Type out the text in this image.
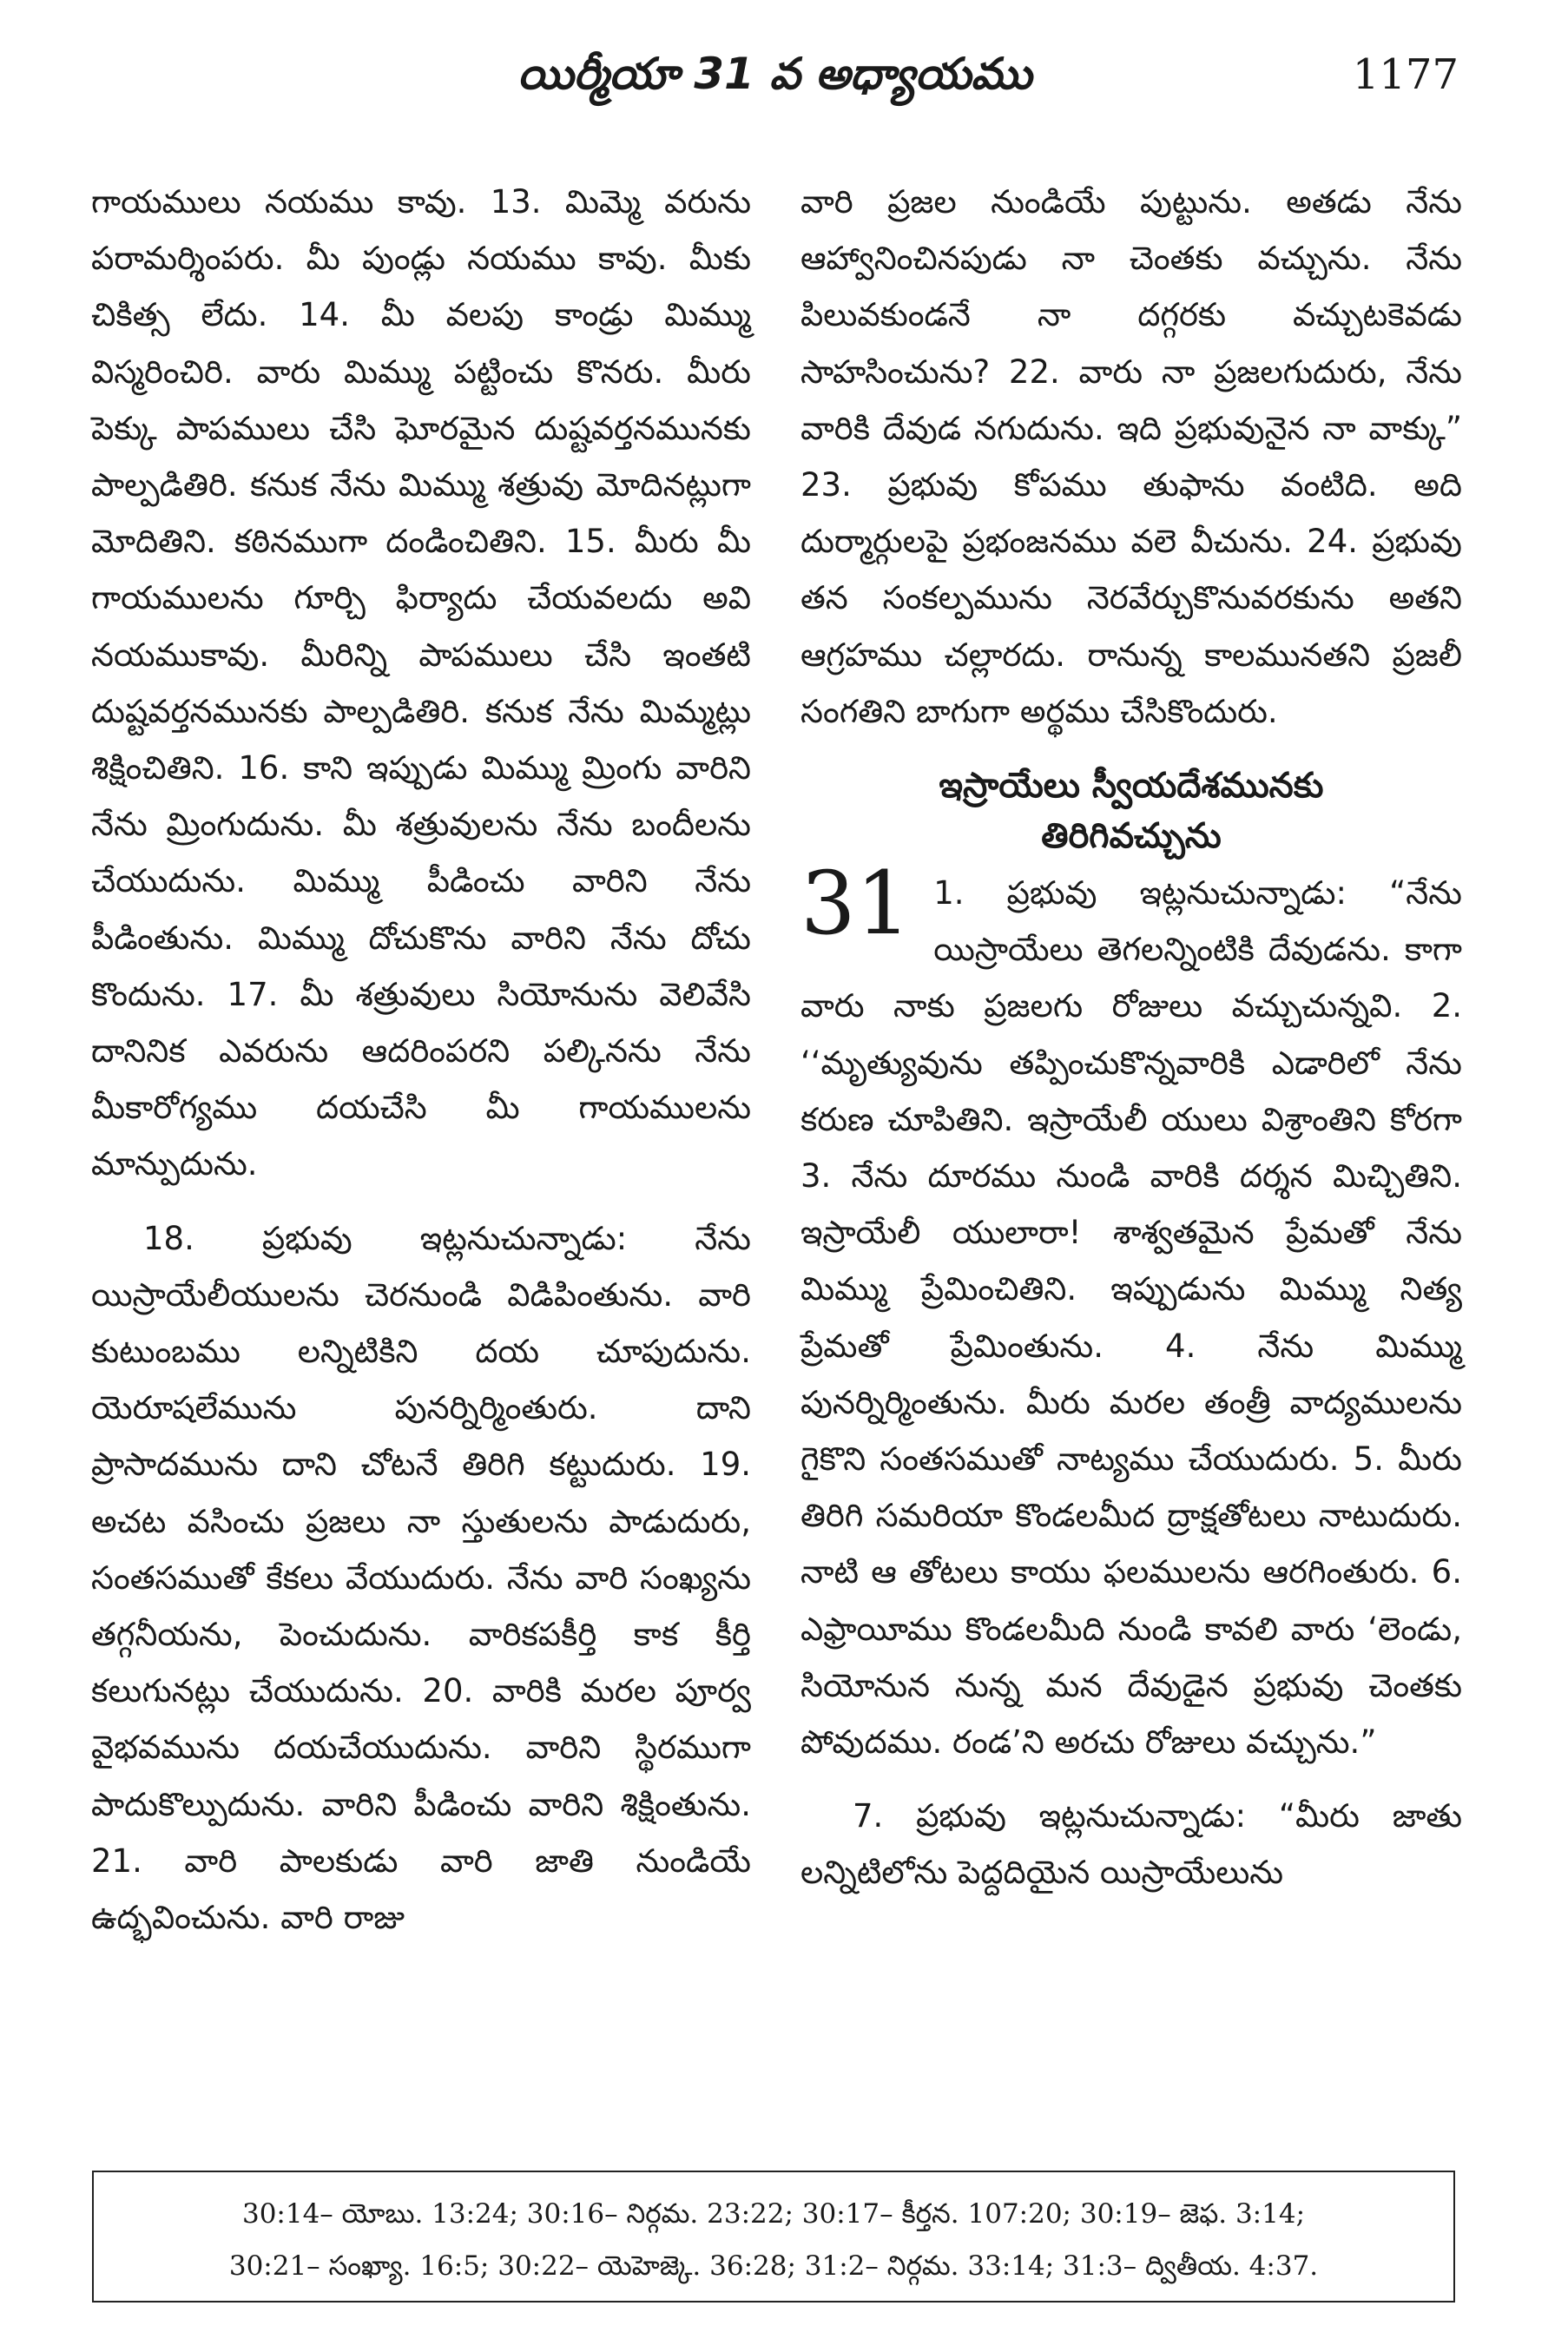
యిర్మీయా 31 వ అధ్యాయము	1177

గాయములు నయము కావు. 13. మిమ్మె వరును పరామర్శింపరు. మీ పుండ్లు నయము కావు. మీకు చికిత్స లేదు. 14. మీ వలపు కాండ్రు మిమ్ము విస్మరించిరి. వారు మిమ్ము పట్టించు కొనరు. మీరు పెక్కు పాపములు చేసి ఘోరమైన దుష్టవర్తనమునకు పాల్పడితిరి. కనుక నేను మిమ్ము శత్రువు మోదినట్లుగా మోదితిని. కఠినముగా దండించితిని. 15. మీరు మీ గాయములను గూర్చి ఫిర్యాదు చేయవలదు అవి నయముకావు. మీరిన్ని పాపములు చేసి ఇంతటి దుష్టవర్తనమునకు పాల్పడితిరి. కనుక నేను మిమ్మట్లు శిక్షించితిని. 16. కాని ఇప్పుడు మిమ్ము మ్రింగు వారిని నేను మ్రింగుదును. మీ శత్రువులను నేను బందీలను చేయుదును. మిమ్ము పీడించు వారిని నేను పీడింతును. మిమ్ము దోచుకొను వారిని నేను దోచు కొందును. 17. మీ శత్రువులు సియోనును వెలివేసి దానినిక ఎవరును ఆదరింపరని పల్కినను నేను మీకారోగ్యము దయచేసి మీ గాయములను మాన్పుదును.

18. ప్రభువు ఇట్లనుచున్నాడు: నేను యిస్రాయేలీయులను చెరనుండి విడిపింతును. వారి కుటుంబము లన్నిటికిని దయ చూపుదును. యెరూషలేమును పునర్నిర్మింతురు. దాని ప్రాసాదమును దాని చోటనే తిరిగి కట్టుదురు. 19. అచట వసించు ప్రజలు నా స్తుతులను పాడుదురు, సంతసముతో కేకలు వేయుదురు. నేను వారి సంఖ్యను తగ్గనీయను, పెంచుదును. వారికపకీర్తి కాక కీర్తి కలుగునట్లు చేయుదును. 20. వారికి మరల పూర్వ వైభవమును దయచేయుదును. వారిని స్థిరముగా పాదుకొల్పుదును. వారిని పీడించు వారిని శిక్షింతును. 21. వారి పాలకుడు వారి జాతి నుండియే ఉద్భవించును. వారి రాజు

వారి ప్రజల నుండియే పుట్టును. అతడు నేను ఆహ్వానించినపుడు నా చెంతకు వచ్చును. నేను పిలువకుండనే నా దగ్గరకు వచ్చుటకెవడు సాహసించును? 22. వారు నా ప్రజలగుదురు, నేను వారికి దేవుడ నగుదును. ఇది ప్రభువునైన నా వాక్కు” 23. ప్రభువు కోపము తుఫాను వంటిది. అది దుర్మార్గులపై ప్రభంజనము వలె వీచును. 24. ప్రభువు తన సంకల్పమును నెరవేర్చుకొనువరకును అతని ఆగ్రహము చల్లారదు. రానున్న కాలమునతని ప్రజలీ సంగతిని బాగుగా అర్థము చేసికొందురు.

ఇస్రాయేలు స్వీయదేశమునకు
తిరిగివచ్చును

31 1. ప్రభువు ఇట్లనుచున్నాడు: “నేను యిస్రాయేలు తెగలన్నింటికి దేవుడను. కాగా వారు నాకు ప్రజలగు రోజులు వచ్చుచున్నవి. 2. ‘‘మృత్యువును తప్పించుకొన్నవారికి ఎడారిలో నేను కరుణ చూపితిని. ఇస్రాయేలీ యులు విశ్రాంతిని కోరగా 3. నేను దూరము నుండి వారికి దర్శన మిచ్చితిని. ఇస్రాయేలీ యులారా! శాశ్వతమైన ప్రేమతో నేను మిమ్ము ప్రేమించితిని. ఇప్పుడును మిమ్ము నిత్య ప్రేమతో ప్రేమింతును. 4. నేను మిమ్ము పునర్నిర్మింతును. మీరు మరల తంత్రీ వాద్యములను గైకొని సంతసముతో నాట్యము చేయుదురు. 5. మీరు తిరిగి సమరియా కొండలమీద ద్రాక్షతోటలు నాటుదురు. నాటి ఆ తోటలు కాయు ఫలములను ఆరగింతురు. 6. ఎఫ్రాయీము కొండలమీది నుండి కావలి వారు ‘లెండు, సియోనున నున్న మన దేవుడైన ప్రభువు చెంతకు పోవుదము. రండ’ని అరచు రోజులు వచ్చును.”

7. ప్రభువు ఇట్లనుచున్నాడు: “మీరు జాతు లన్నిటిలోను పెద్దదియైన యిస్రాయేలును

30:14– యోబు. 13:24; 30:16– నిర్గమ. 23:22; 30:17– కీర్తన. 107:20; 30:19– జెఫ. 3:14;
30:21– సంఖ్యా. 16:5; 30:22– యెహెజ్కె. 36:28; 31:2– నిర్గమ. 33:14; 31:3– ద్వితీయ. 4:37.
